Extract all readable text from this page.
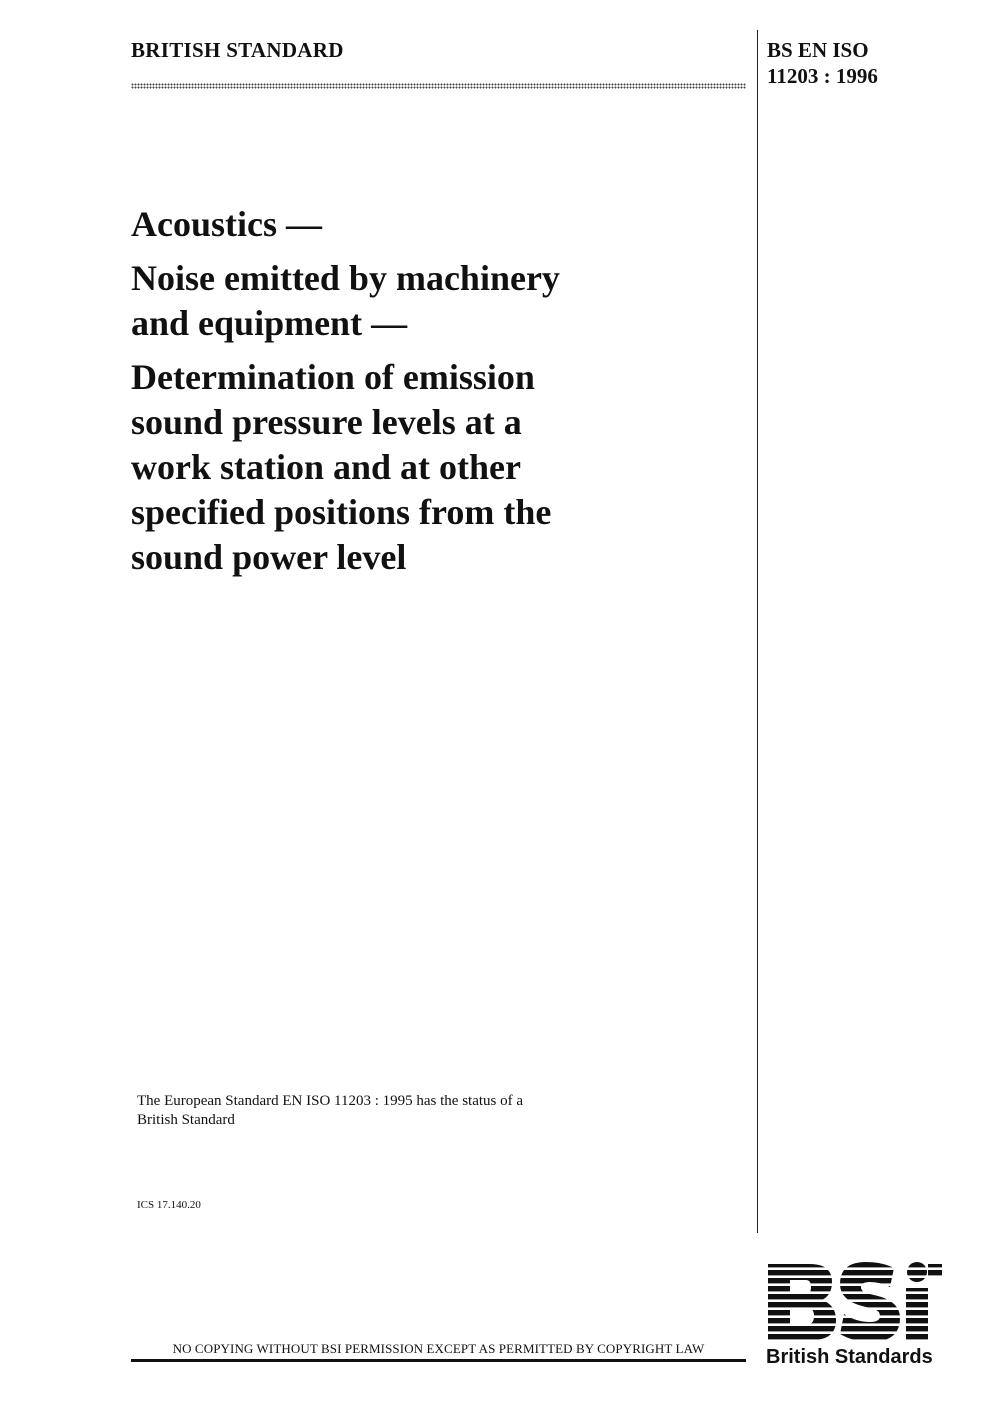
BRITISH STANDARD	BS EN ISO
11203 : 1996

Acoustics —

Noise emitted by machinery

and equipment —

Determination of emission

sound pressure levels at a

work station and at other

specified positions from the

sound power level

The European Standard EN ISO 11203 : 1995 has the status of a
British Standard

ICS 17.140.20

NO COPYING WITHOUT BSI PERMISSION EXCEPT AS PERMITTED BY COPYRIGHT LAW	British Standards
